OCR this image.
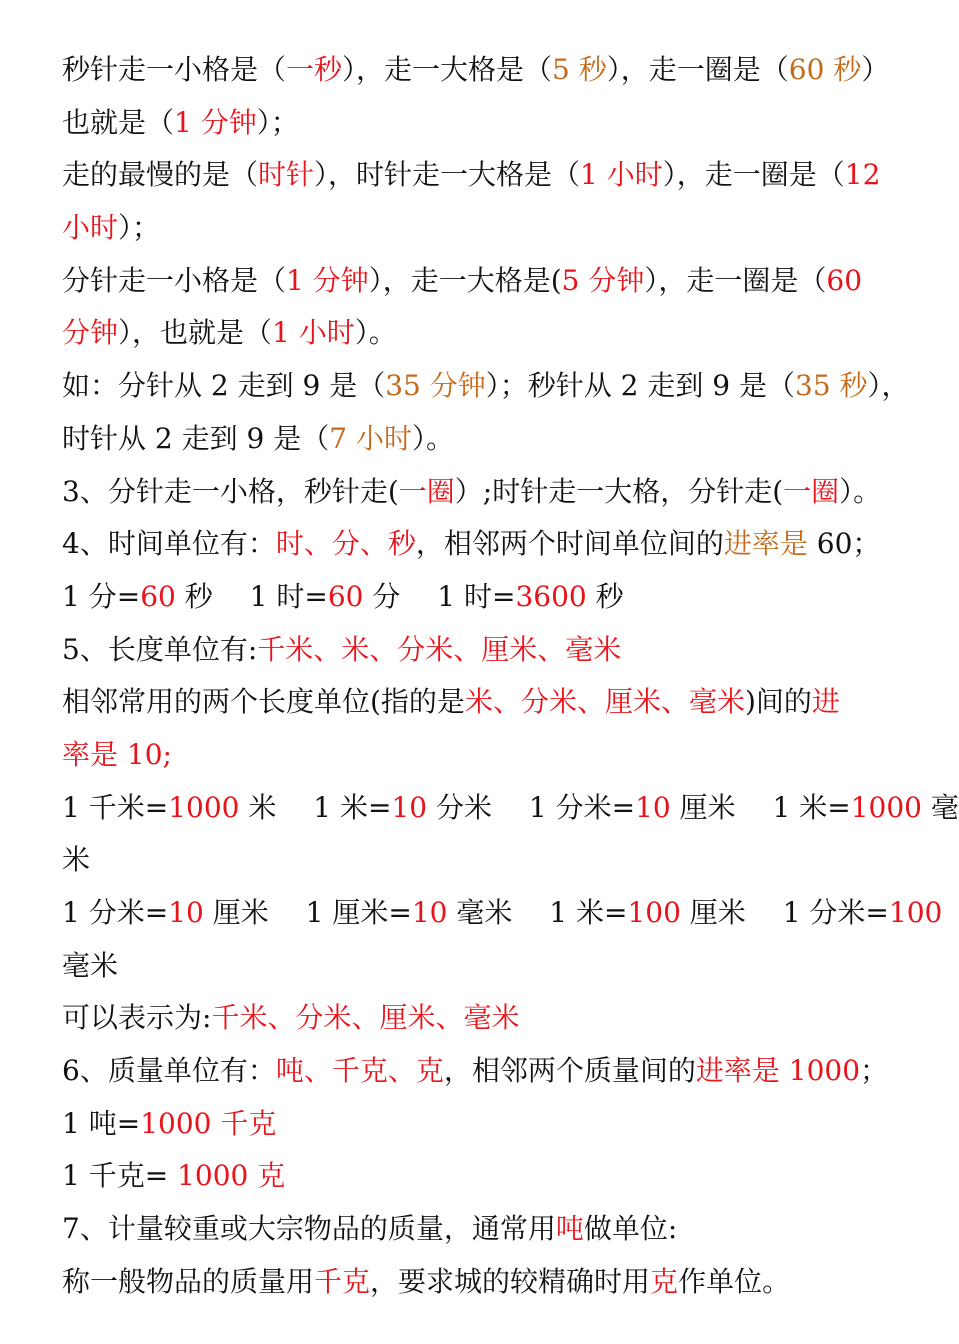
秒针走一小格是（一秒），走一大格是（5 秒），走一圈是（60 秒）
也就是（1 分钟）；
走的最慢的是（时针），时针走一大格是（1 小时），走一圈是（12
小时）；
分针走一小格是（1 分钟），走一大格是(5 分钟），走一圈是（60
分钟），也就是（1 小时）。
如：分针从 2 走到 9 是（35 分钟）；秒针从 2 走到 9 是（35 秒），
时针从 2 走到 9 是（7 小时）。
3、分针走一小格，秒针走(一圈）;时针走一大格，分针走(一圈）。
4、时间单位有：时、分、秒，相邻两个时间单位间的进率是 60；
1 分=60 秒　 1 时=60 分　 1 时=3600 秒
5、长度单位有:千米、米、分米、厘米、毫米
相邻常用的两个长度单位(指的是米、分米、厘米、毫米)间的进
率是 10;
1 千米=1000 米　 1 米=10 分米　 1 分米=10 厘米　 1 米=1000 毫
米
1 分米=10 厘米　 1 厘米=10 毫米　 1 米=100 厘米　 1 分米=100
毫米
可以表示为:千米、分米、厘米、毫米
6、质量单位有：吨、千克、克，相邻两个质量间的进率是 1000；
1 吨=1000 千克
1 千克= 1000 克
7、计量较重或大宗物品的质量，通常用吨做单位:
称一般物品的质量用千克，要求城的较精确时用克作单位。
